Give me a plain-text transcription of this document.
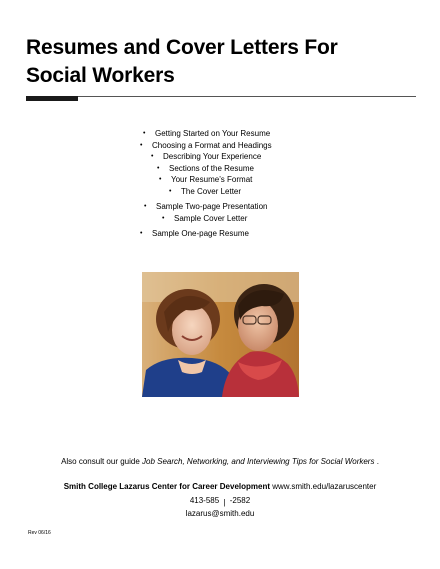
Resumes and Cover Letters For
Social Workers
• Getting Started on Your Resume
• Choosing a Format and Headings
• Describing Your Experience
• Sections of the Resume
• Your Resume’s Format
• The Cover Letter
• Sample Two-page Presentation
• Sample Cover Letter
• Sample One-page Resume
Also consult our guide Job Search, Networking, and Interviewing Tips for Social Workers .
Smith College Lazarus Center for Career Development www.smith.edu/lazaruscenter
413-585 | -2582
lazarus@smith.edu
Rev 06/16
